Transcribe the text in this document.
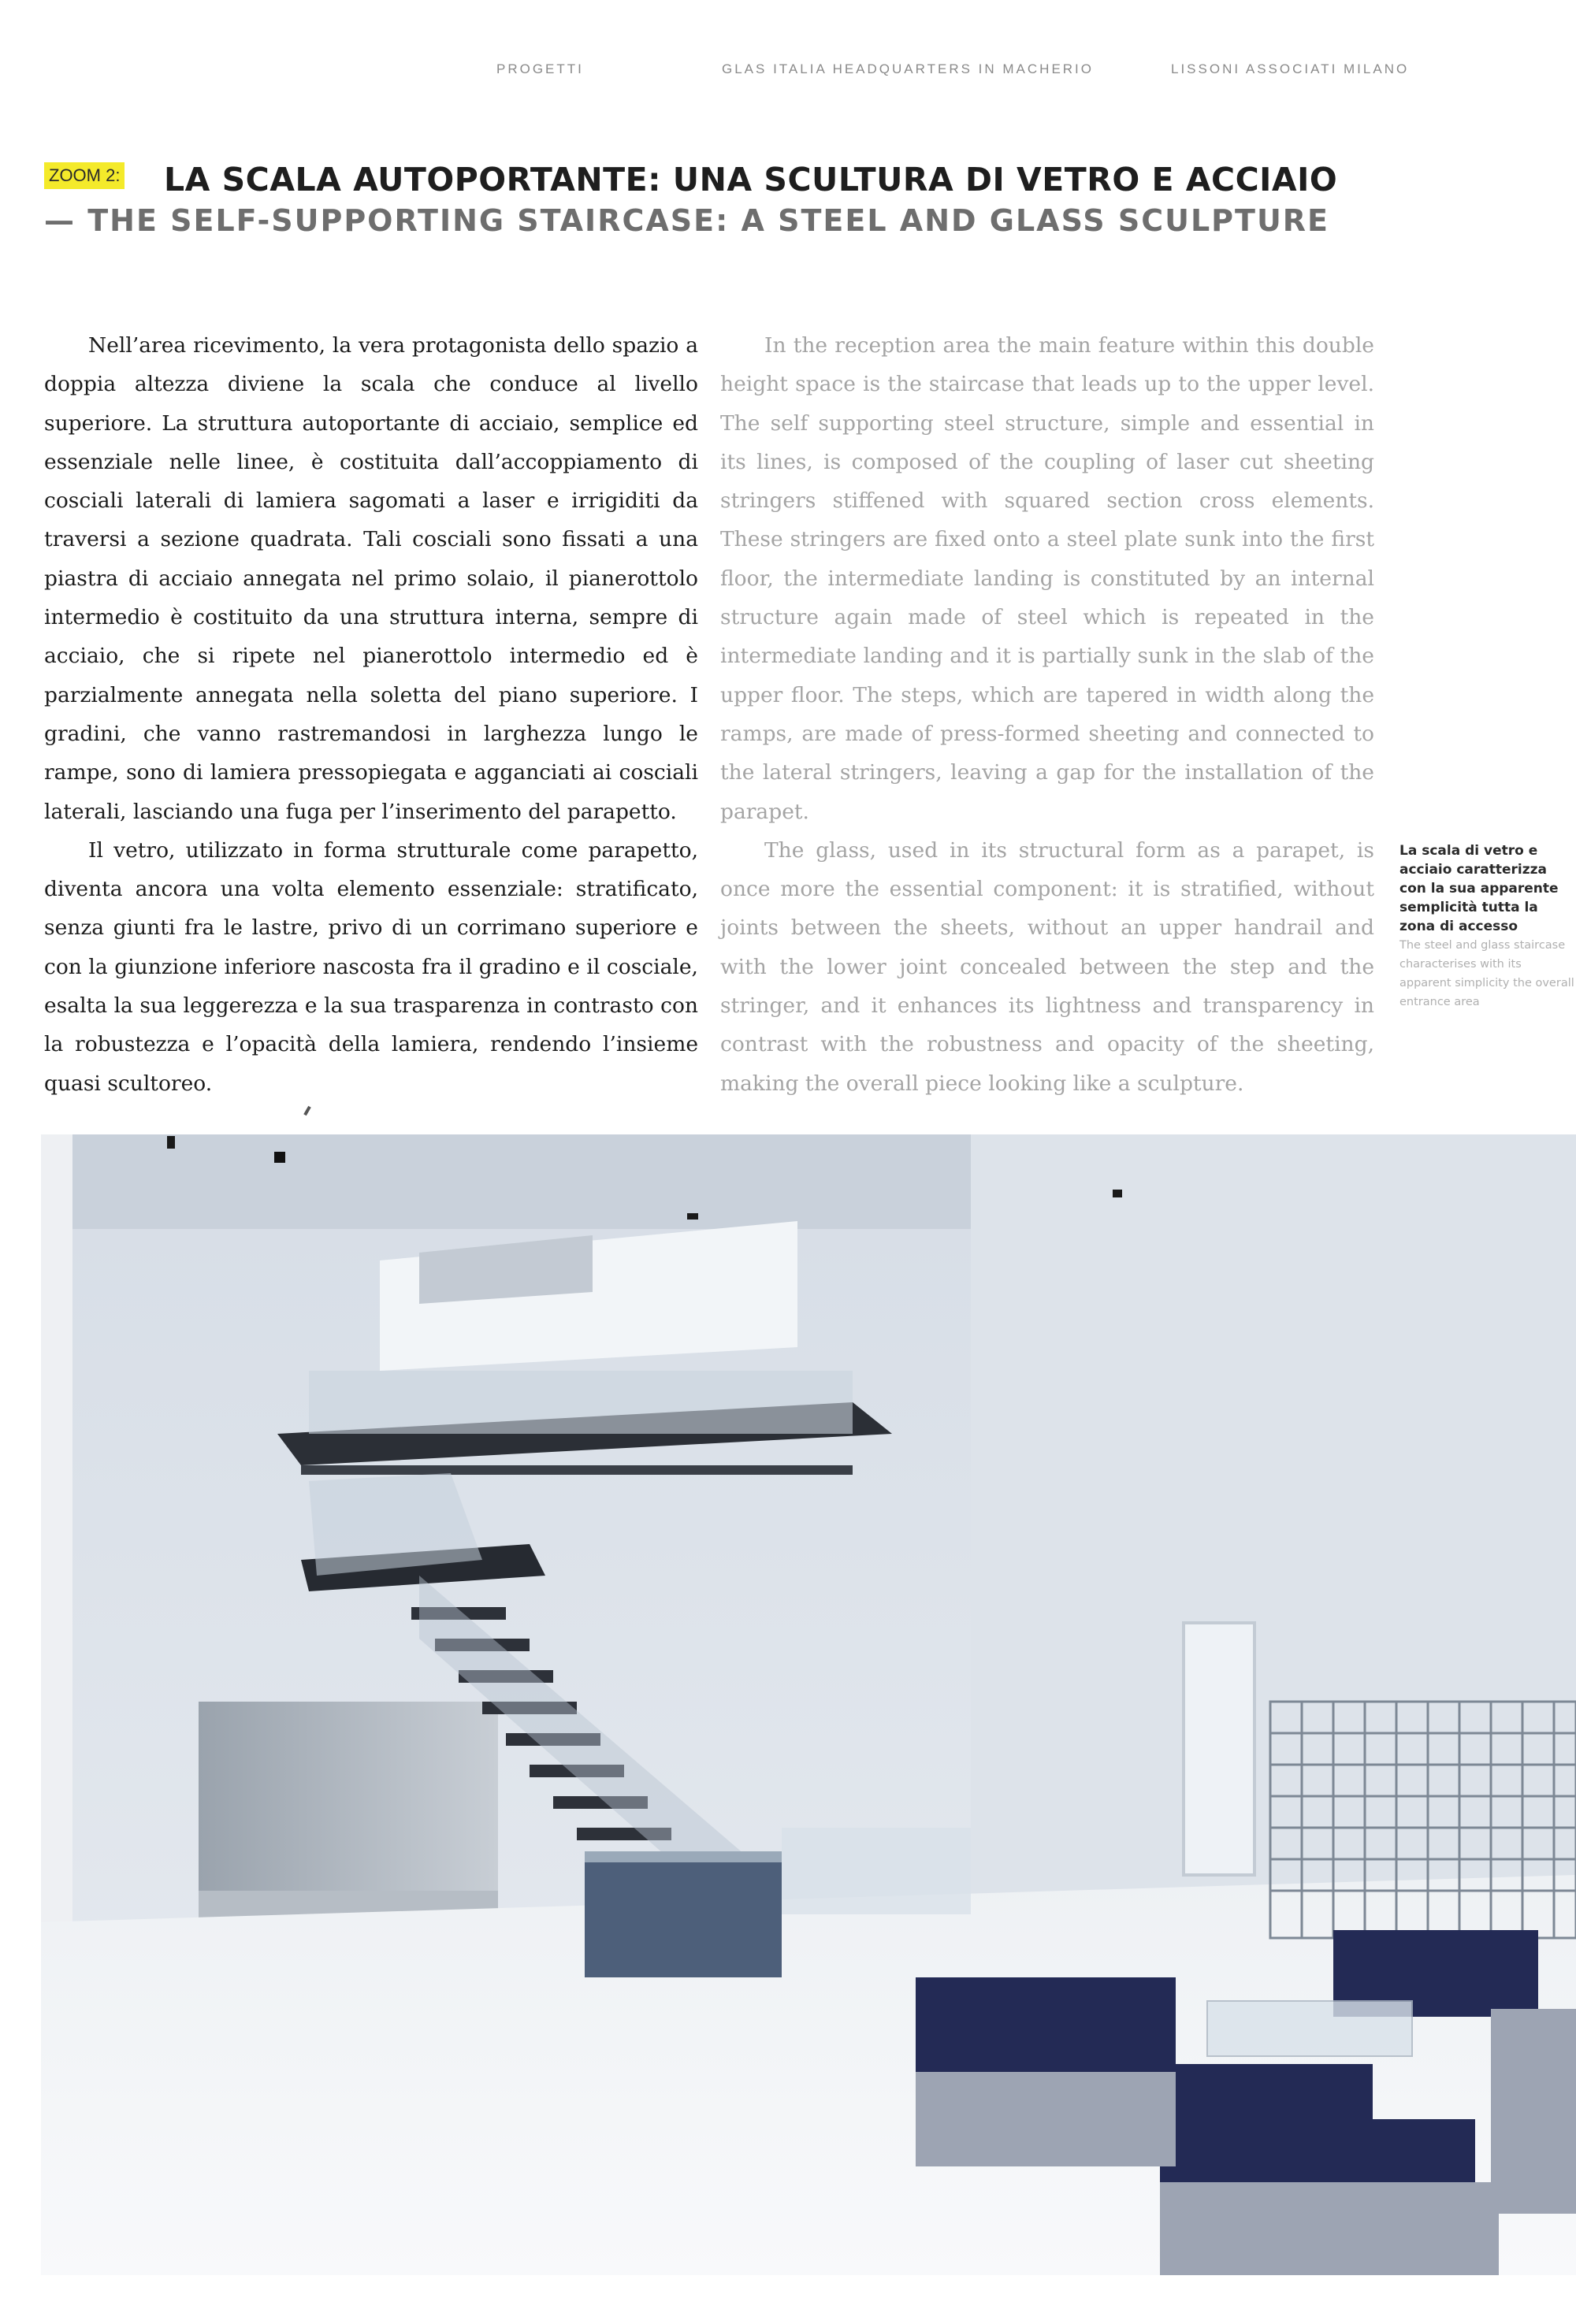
PROGETTI	GLAS ITALIA HEADQUARTERS IN MACHERIO	LISSONI ASSOCIATI MILANO
ZOOM 2: LA SCALA AUTOPORTANTE: UNA SCULTURA DI VETRO E ACCIAIO
— THE SELF-SUPPORTING STAIRCASE: A STEEL AND GLASS SCULPTURE

Nell’area ricevimento, la vera protagonista dello spazio a doppia altezza diviene la scala che conduce al livello superiore. La struttura autoportante di acciaio, semplice ed essenziale nelle linee, è costituita dall’accoppiamento di cosciali laterali di lamiera sagomati a laser e irrigiditi da traversi a sezione quadrata. Tali cosciali sono fissati a una piastra di acciaio annegata nel primo solaio, il pianerottolo intermedio è costituito da una struttura interna, sempre di acciaio, che si ripete nel pianerottolo intermedio ed è parzialmente annegata nella soletta del piano superiore. I gradini, che vanno rastremandosi in larghezza lungo le rampe, sono di lamiera pressopiegata e agganciati ai cosciali laterali, lasciando una fuga per l’inserimento del parapetto.

Il vetro, utilizzato in forma strutturale come parapetto, diventa ancora una volta elemento essenziale: stratificato, senza giunti fra le lastre, privo di un corrimano superiore e con la giunzione inferiore nascosta fra il gradino e il cosciale, esalta la sua leggerezza e la sua trasparenza in contrasto con la robustezza e l’opacità della lamiera, rendendo l’insieme quasi scultoreo.

In the reception area the main feature within this double height space is the staircase that leads up to the upper level. The self supporting steel structure, simple and essential in its lines, is composed of the coupling of laser cut sheeting stringers stiffened with squared section cross elements. These stringers are fixed onto a steel plate sunk into the first floor, the intermediate landing is constituted by an internal structure again made of steel which is repeated in the intermediate landing and it is partially sunk in the slab of the upper floor. The steps, which are tapered in width along the ramps, are made of press-formed sheeting and connected to the lateral stringers, leaving a gap for the installation of the parapet.

The glass, used in its structural form as a parapet, is once more the essential component: it is stratified, without joints between the sheets, without an upper handrail and with the lower joint concealed between the step and the stringer, and it enhances its lightness and transparency in contrast with the robustness and opacity of the sheeting, making the overall piece looking like a sculpture.

La scala di vetro e acciaio caratterizza con la sua apparente semplicità tutta la zona di accesso
The steel and glass staircase characterises with its apparent simplicity the overall entrance area
